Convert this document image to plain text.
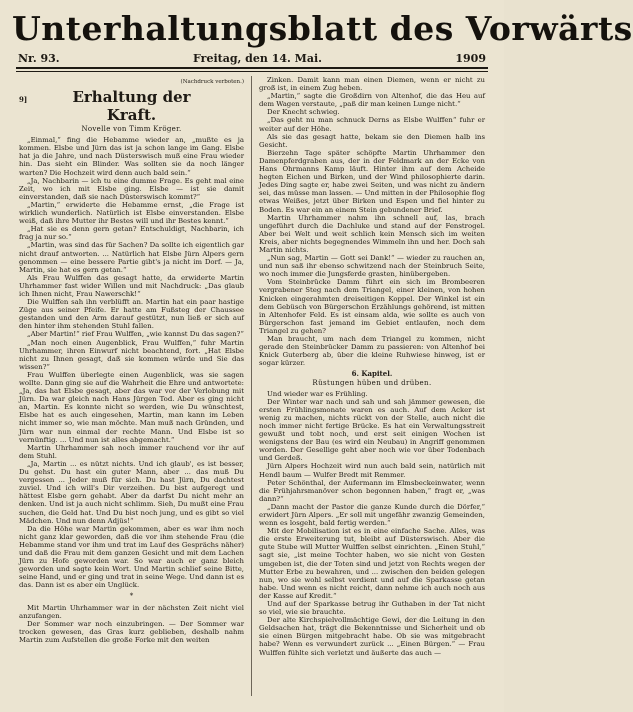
Unterhaltungsblatt des Vorwärts
Nr. 93.	Freitag, den 14. Mai.	1909
(Nachdruck verboten.)
9]	Erhaltung der Kraft.
Novelle von Timm Kröger.

„Einmal,“ fing die Hebamme wieder an, „mußte es ja kommen. Elsbe und Jürn das ist ja schon lange im Gang. Elsbe hat ja die Jahre, und nach Düsterswisch muß eine Frau wieder hin. Das sieht ein Blinder. Was sollten sie da noch länger warten? Die Hochzeit wird denn auch bald sein.“

„Ja, Nachbarin — ich tu eine dumme Frage. Es geht mal eine Zeit, wo ich mit Elsbe ging. Elsbe — ist sie damit einverstanden, daß sie nach Düsterswisch kommt?“

„Martin,“ erwiderte die Hebamme ernst, „die Frage ist wirklich wunderlich. Natürlich ist Elsbe einverstanden. Elsbe weiß, daß ihre Mutter ihr Bestes will und ihr Bestes kennt.“

„Hat sie es denn gern getan? Entschuldigt, Nachbarin, ich frag ja nur so.“

„Martin, was sind das für Sachen? Da sollte ich eigentlich gar nicht drauf antworten. ... Natürlich hat Elsbe Jürn Alpers gern genommen — eine bessere Partie gibt's ja nicht im Dorf. — Ja, Martin, sie hat es gern getan.“

Als Frau Wulffen das gesagt hatte, da erwiderte Martin Uhrhammer fast wider Willen und mit Nachdruck: „Das glaub ich Ihnen nicht, Frau Nawerschk!“

Die Wulffen sah ihn verblüfft an. Martin hat ein paar hastige Züge aus seiner Pfeife. Er hatte am Fußsteg der Chaussee gestanden und den Arm darauf gestützt, nun ließ er sich auf den hinter ihm stehenden Stuhl fallen.

„Aber Martin!“ rief Frau Wulffen, „wie kannst Du das sagen?“

„Man noch einen Augenblick, Frau Wulffen,“ fuhr Martin Uhrhammer, ihren Einwurf nicht beachtend, fort. „Hat Elsbe nicht zu Ihnen gesagt, daß sie kommen würde und Sie das wissen?“

Frau Wulffen überlegte einen Augenblick, was sie sagen wollte. Dann ging sie auf die Wahrheit die Ehre und antwortete: „Ja, das hat Elsbe gesagt, aber das war vor der Verlobung mit Jürn. Da war gleich nach Hans Jürgen Tod. Aber es ging nicht an, Martin. Es konnte nicht so werden, wie Du wünschtest, Elsbe hat es auch eingesehen, Martin, man kann im Leben nicht immer so, wie man möchte. Man muß nach Gründen, und Jürn war nun einmal der rechte Mann. Und Elsbe ist so vernünftig. ... Und nun ist alles abgemacht.“

Martin Uhrhammer sah noch immer rauchend vor ihr auf dem Stuhl.

„Ja, Martin ... es nützt nichts. Und ich glaub', es ist besser, Du gehst. Du hast ein guter Mann, aber ... das muß Du vergessen ... Jeder muß für sich. Du hast Jürn, Du dachtest zuviel. Und ich will's Dir verzeihen. Du bist aufgeregt und hättest Elsbe gern gehabt. Aber da darfst Du nicht mehr an denken. Und ist ja auch nicht schlimm. Sieh, Du mußt eine Frau suchen, die Geld hat. Und Du bist noch jung, und es gibt so viel Mädchen. Und nun denn Adjüs!“

Da die Höhe war Martin gekommen, aber es war ihm noch nicht ganz klar geworden, daß die vor ihm stehende Frau (die Hebamme stand vor ihm und trat im Lauf des Gesprächs näher) und daß die Frau mit dem ganzen Gesicht und mit dem Lachen Jürn zu Hofe geworden war. So war auch er ganz bleich geworden und sagte kein Wort. Und Martin schlief seine Bitte, seine Hand, und er ging und trat in seine Wege. Und dann ist es das. Dann ist es aber ein Unglück.

*

Mit Martin Uhrhammer war in der nächsten Zeit nicht viel anzufangen.

Der Sommer war noch einzubringen. — Der Sommer war trocken gewesen, das Gras kurz geblieben, deshalb nahm Martin zum Aufstellen die große Forke mit den weiten

Zinken. Damit kann man einen Diemen, wenn er nicht zu groß ist, in einem Zug heben.

„Martin,“ sagte die Großdirn von Altenhof, die das Heu auf dem Wagen verstaute, „paß dir man keinen Lunge nicht.“

Der Knecht schwieg.

„Das geht nu man schnuck Derns as Elsbe Wulffen“ fuhr er weiter auf der Höhe.

Als sie das gesagt hatte, bekam sie den Diemen halb ins Gesicht.

Bierzehn Tage später schöpfte Martin Uhrhammer den Damenpferdgraben aus, der in der Feldmark an der Ecke von Hans Ohrmanns Kamp läuft. Hinter ihm auf dem Acheide hegten Eichen und Birken, und der Wind philosophierte darin. Jedes Ding sagte er, habe zwei Seiten, und was nicht zu ändern sei, das müsse man lassen. — Und mitten in der Philosophie flog etwas Weißes, jetzt über Birken und Espen und fiel hinter zu Boden. Es war ein an einem Stein gebundener Brief.

Martin Uhrhammer nahm ihn schnell auf, las, brach ungeführt durch die Dachluke und stand auf der Fenstrogel. Aber bei Welt und weit schlich kein Mensch sich im weiten Kreis, aber nichts begegnendes Wimmeln ihn und her. Doch sah Martin nichts.

„Nun sag, Martin — Gott sei Dank!“ — wieder zu rauchen an, und nun saß ihr ebenso schwitzend nach der Steinbruch Seite, wo noch immer die Jungsferde grasten, hinübergeben.

Vom Steinbrücke Damm führt ein sich im Brombeeren vergrabener Steg nach dem Triangel, einer kleinen, von hohen Knicken eingerahmten dreiseitigen Koppel. Der Winkel ist ein dem Gebüsch von Bürgerschon Erzählungs gehörend, ist mitten in Altenhofer Feld. Es ist einsam alda, wie sollte es auch von Bürgerschon fast jemand im Gebiet entlaufen, noch dem Triangel zu gehen?

Man braucht, um nach dem Triangel zu kommen, nicht gerade den Steinbrücker Damm zu passieren: von Altenhof bei Knick Guterberg ab, über die kleine Ruhwiese hinweg, ist er sogar kürzer.

6. Kapitel.
Rüstungen hüben und drüben.

Und wieder war es Frühling.

Der Winter war nach und sah und sah jämmer gewesen, die ersten Frühlingsmonate waren es auch. Auf dem Acker ist wenig zu machen, nichts rückt von der Stelle, auch nicht die noch immer nicht fertige Brücke. Es hat ein Verwaltungsstreit gewußt und tobt noch, und erst seit einigen Wochen ist wenigstens der Bau (es wird ein Neubau) in Angriff genommen worden. Der Gesellige geht aber noch wie vor über Todenbach und Gerdeß.

Jürn Alpers Hochzeit wird nun auch bald sein, natürlich mit Hendl baum — Wulfer Bredt mit Remmer.

Peter Schönthal, der Aufermann im Elmsbeckeinwater, wenn die Frühjahrsmanöver schon begonnen haben,“ fragt er, „was dann?“

„Dann macht der Pastor die ganze Kunde durch die Dörfer,“ erwidert Jürn Alpers. „Er soll mit ungefähr zwanzig Gemeinden, wenn es losgeht, bald fertig werden.“

Mit der Mobilisation ist es in eine einfache Sache. Alles, was die erste Erweiterung tut, bleibt auf Düsterswisch. Aber die gute Stube will Mutter Wulffen selbst einrichten. „Einen Stuhl,“ sagt sie, „ist meine Tochter haben, wo sie nicht von Gesten umgeben ist, die der Toten sind und jetzt von Rechts wegen der Mutter Erbe zu bewahren, und ... zwischen den beiden gelegen nun, wo sie wohl selbst verdient und auf die Sparkasse getan habe. Und wenn es nicht reicht, dann nehme ich auch noch aus der Kasse auf Kredit.“

Und auf der Sparkasse betrug ihr Guthaben in der Tat nicht so viel, wie sie brauchte.

Der alte Kirchspielvollmächtige Gewi, der die Leitung in den Geldsachen hat, trägt die Bekenntnisse und Sicherheit und ob sie einen Bürgen mitgebracht habe. Ob sie was mitgebracht habe? Wenn es verwundert zurück ... „Einen Bürgen.“ — Frau Wulffen fühlte sich verletzt und äußerte das auch —
